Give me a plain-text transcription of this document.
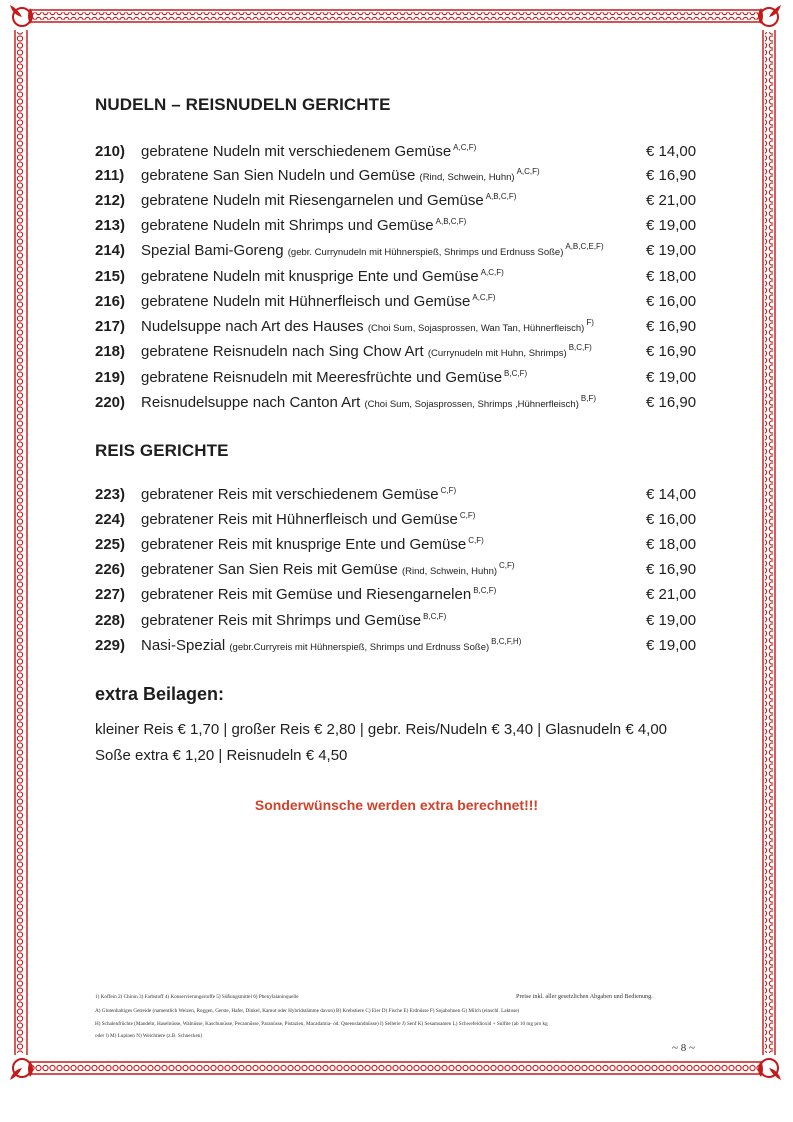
NUDELN – REISNUDELN GERICHTE
210) gebratene Nudeln mit verschiedenem Gemüse $^{A,C,F)}$	€ 14,00
211) gebratene San Sien Nudeln und Gemüse (Rind, Schwein, Huhn)$^{A,C,F)}$	€ 16,90
212) gebratene Nudeln mit Riesengarnelen und Gemüse $^{A,B,C,F)}$	€ 21,00
213) gebratene Nudeln mit Shrimps und Gemüse $^{A,B,C,F)}$	€ 19,00
214) Spezial Bami-Goreng (gebr. Currynudeln mit Hühnerspieß, Shrimps und Erdnuss Soße)$^{A,B,C,E,F)}$	€ 19,00
215) gebratene Nudeln mit knusprige Ente und Gemüse $^{A,C,F)}$	€ 18,00
216) gebratene Nudeln mit Hühnerfleisch und Gemüse $^{A,C,F)}$	€ 16,00
217) Nudelsuppe nach Art des Hauses (Choi Sum, Sojasprossen, Wan Tan, Hühnerfleisch)$^{F)}$	€ 16,90
218) gebratene Reisnudeln nach Sing Chow Art (Currynudeln mit Huhn, Shrimps)$^{B,C,F)}$	€ 16,90
219) gebratene Reisnudeln mit Meeresfrüchte und Gemüse $^{B,C,F)}$	€ 19,00
220) Reisnudelsuppe nach Canton Art (Choi Sum, Sojasprossen, Shrimps ,Hühnerfleisch)$^{B,F)}$	€ 16,90
REIS GERICHTE
223) gebratener Reis mit verschiedenem Gemüse $^{C,F)}$	€ 14,00
224) gebratener Reis mit Hühnerfleisch und Gemüse $^{C,F)}$	€ 16,00
225) gebratener Reis mit knusprige Ente und Gemüse $^{C,F)}$	€ 18,00
226) gebratener San Sien Reis mit Gemüse (Rind, Schwein, Huhn)$^{C,F)}$	€ 16,90
227) gebratener Reis mit Gemüse und Riesengarnelen $^{B,C,F)}$	€ 21,00
228) gebratener Reis mit Shrimps und Gemüse $^{B,C,F)}$	€ 19,00
229) Nasi-Spezial (gebr.Curryreis mit Hühnerspieß, Shrimps und Erdnuss Soße)$^{B,C,F,H)}$	€ 19,00
extra Beilagen:
kleiner Reis € 1,70 | großer Reis € 2,80 | gebr. Reis/Nudeln € 3,40 | Glasnudeln € 4,00
Soße extra € 1,20 | Reisnudeln € 4,50
Sonderwünsche werden extra berechnet!!!
1) Koffein 2) Chinin 3) Farbstoff 4) Konservierungsstoffe 5) Süßungsmittel 6) Phenylalaninquelle	Preise inkl. aller gesetzlichen Abgaben und Bedienung.
A) Glutenhaltiges Getreide (namentlich Weizen, Roggen, Gerste, Hafer, Dinkel, Kamut oder Hybridstämme davon) B) Krebstiere C) Eier D) Fische E) Erdnüsse F) Sojabohnen G) Milch (einschl. Laktose)
H) Schalenfrüchte (Mandeln, Haselnüsse, Walnüsse, Kaschunüsse, Pecannüsse, Paranüsse, Pistazien, Macadamia- od. Queenslandnüsse) I) Sellerie J) Senf K) Sesamsamen L) Schwefeldioxid + Sulfite (ab 10 mg pro kg
oder l) M) Lupinen N) Weichtiere (z.B. Schnecken)
~ 8 ~
